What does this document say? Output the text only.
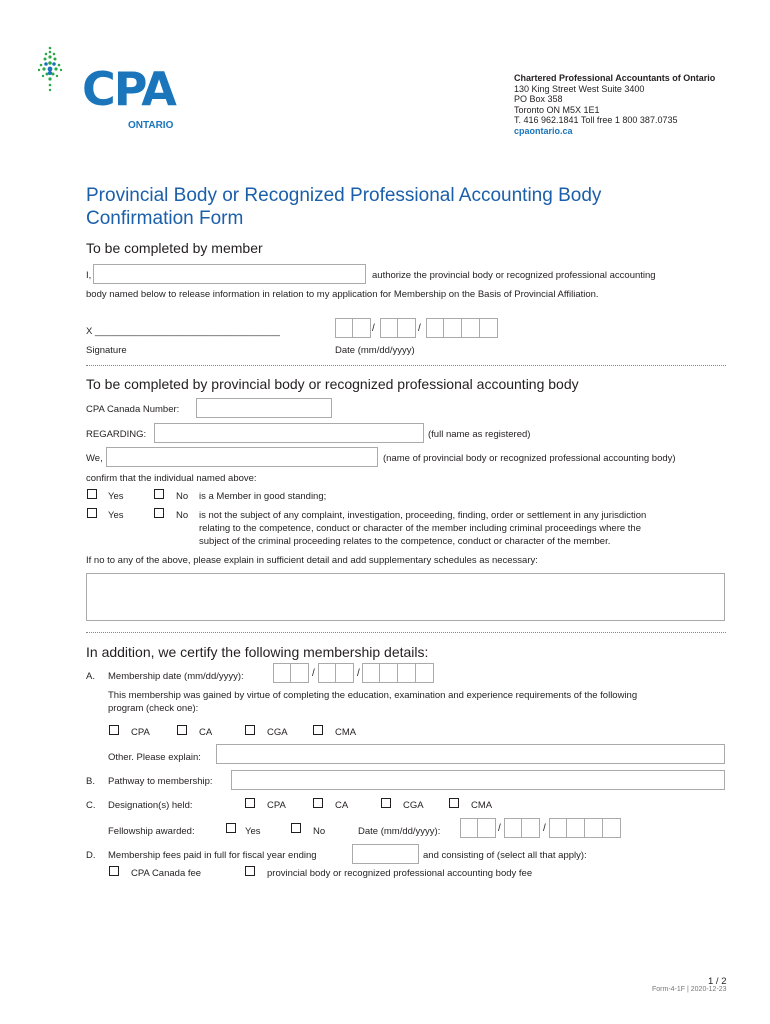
CPA
ONTARIO
Chartered Professional Accountants of Ontario
130 King Street West Suite 3400
PO Box 358
Toronto ON M5X 1E1
T. 416 962.1841 Toll free 1 800 387.0735
cpaontario.ca
Provincial Body or Recognized Professional Accounting Body
Confirmation Form
To be completed by member
I,	authorize the provincial body or recognized professional accounting
body named below to release information in relation to my application for Membership on the Basis of Provincial Affiliation.
X ___________________________________	/	/
Signature	Date (mm/dd/yyyy)
To be completed by provincial body or recognized professional accounting body
CPA Canada Number:
REGARDING:	(full name as registered)
We,	(name of provincial body or recognized professional accounting body)
confirm that the individual named above:
Yes	No is a Member in good standing;
Yes	No is not the subject of any complaint, investigation, proceeding, finding, order or settlement in any jurisdiction
relating to the competence, conduct or character of the member including criminal proceedings where the
subject of the criminal proceeding relates to the competence, conduct or character of the member.
If no to any of the above, please explain in sufficient detail and add supplementary schedules as necessary:
In addition, we certify the following membership details:
A. Membership date (mm/dd/yyyy):	/	/
This membership was gained by virtue of completing the education, examination and experience requirements of the following
program (check one):
CPA	CA	CGA	CMA
Other. Please explain:
B. Pathway to membership:
C. Designation(s) held:	CPA	CA	CGA	CMA
Fellowship awarded:	Yes	No	Date (mm/dd/yyyy):	/	/
D. Membership fees paid in full for fiscal year ending	and consisting of (select all that apply):
CPA Canada fee	provincial body or recognized professional accounting body fee
1 / 2
Form-4-1F | 2020-12-23
